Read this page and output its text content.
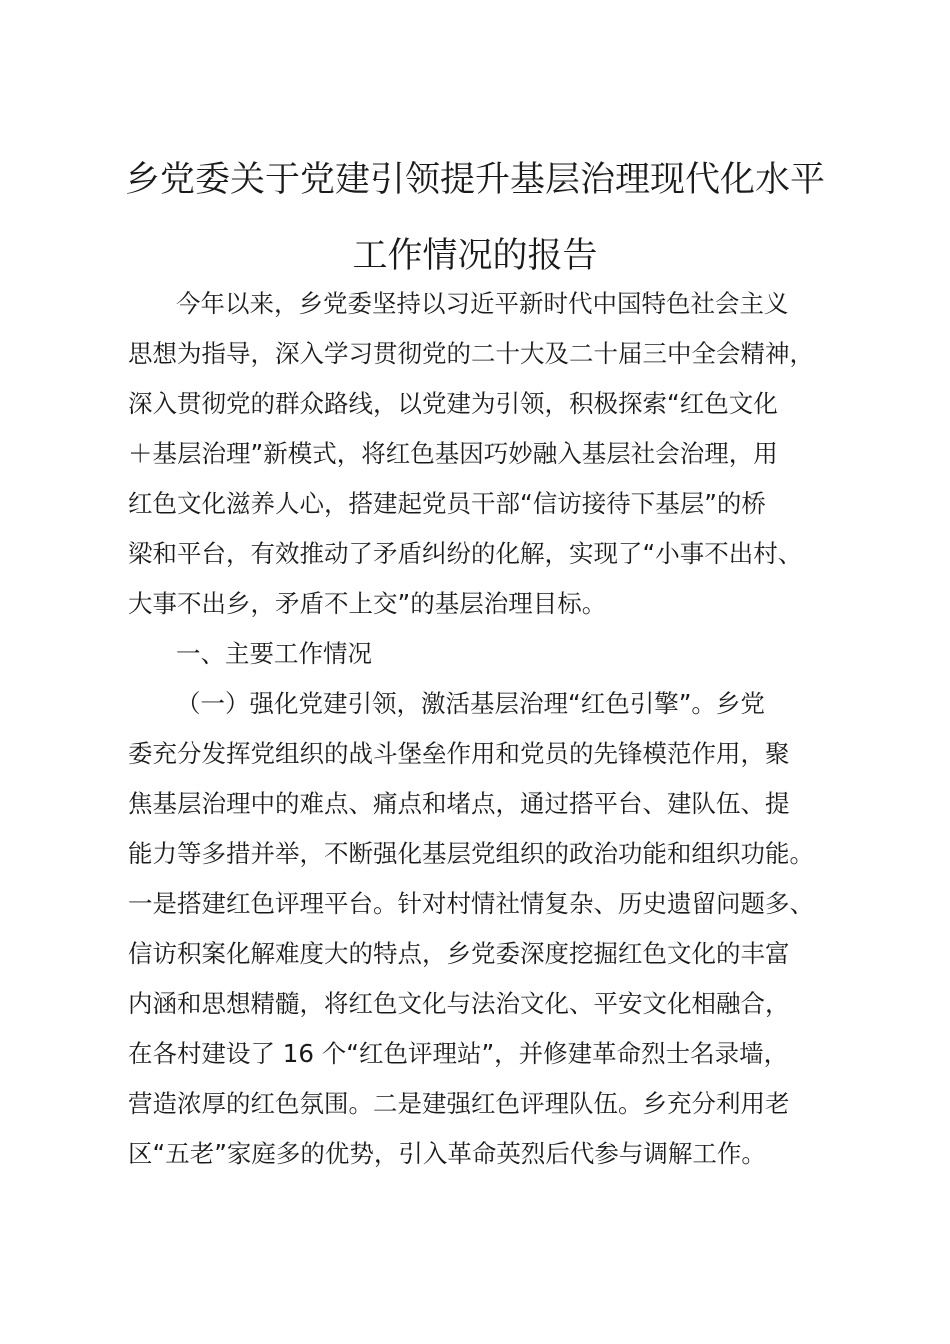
乡党委关于党建引领提升基层治理现代化水平
工作情况的报告
今年以来，乡党委坚持以习近平新时代中国特色社会主义
思想为指导，深入学习贯彻党的二十大及二十届三中全会精神，
深入贯彻党的群众路线，以党建为引领，积极探索“红色文化
＋基层治理”新模式，将红色基因巧妙融入基层社会治理，用
红色文化滋养人心，搭建起党员干部“信访接待下基层”的桥
梁和平台，有效推动了矛盾纠纷的化解，实现了“小事不出村、
大事不出乡，矛盾不上交”的基层治理目标。
一、主要工作情况
（一）强化党建引领，激活基层治理“红色引擎”。乡党
委充分发挥党组织的战斗堡垒作用和党员的先锋模范作用，聚
焦基层治理中的难点、痛点和堵点，通过搭平台、建队伍、提
能力等多措并举，不断强化基层党组织的政治功能和组织功能。
一是搭建红色评理平台。针对村情社情复杂、历史遗留问题多、
信访积案化解难度大的特点，乡党委深度挖掘红色文化的丰富
内涵和思想精髓，将红色文化与法治文化、平安文化相融合，
在各村建设了 16 个“红色评理站”，并修建革命烈士名录墙，
营造浓厚的红色氛围。二是建强红色评理队伍。乡充分利用老
区“五老”家庭多的优势，引入革命英烈后代参与调解工作。
